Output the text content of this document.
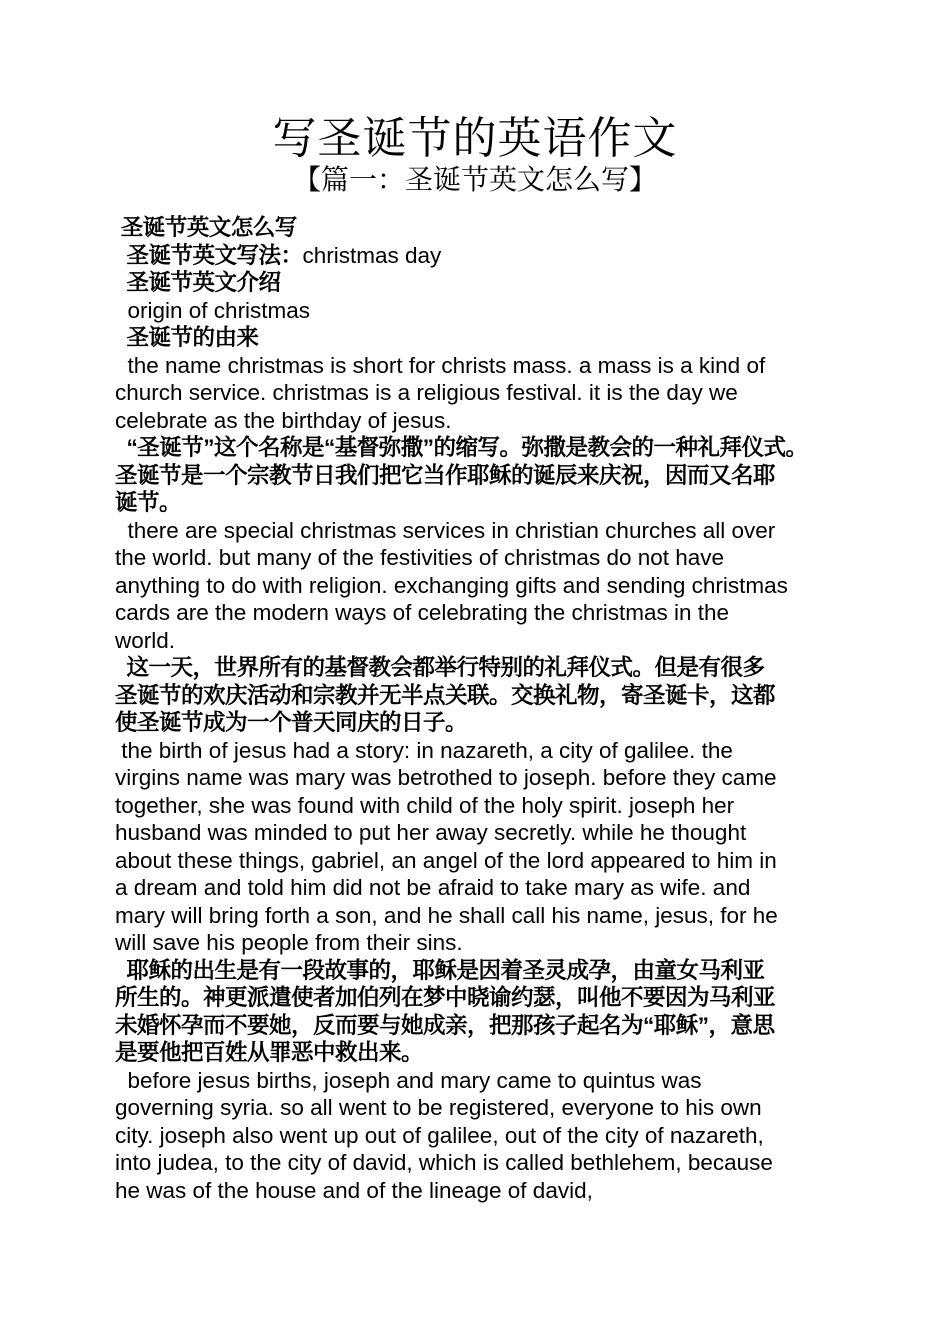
写圣诞节的英语作文
【篇一：圣诞节英文怎么写】

圣诞节英文怎么写

圣诞节英文写法：christmas day

圣诞节英文介绍

origin of christmas

圣诞节的由来

the name christmas is short for christs mass. a mass is a kind of

church service. christmas is a religious festival. it is the day we

celebrate as the birthday of jesus.

“圣诞节”这个名称是“基督弥撒”的缩写。弥撒是教会的一种礼拜仪式。

圣诞节是一个宗教节日我们把它当作耶稣的诞辰来庆祝，因而又名耶

诞节。

there are special christmas services in christian churches all over

the world. but many of the festivities of christmas do not have

anything to do with religion. exchanging gifts and sending christmas

cards are the modern ways of celebrating the christmas in the

world.

这一天，世界所有的基督教会都举行特别的礼拜仪式。但是有很多

圣诞节的欢庆活动和宗教并无半点关联。交换礼物，寄圣诞卡，这都

使圣诞节成为一个普天同庆的日子。

the birth of jesus had a story: in nazareth, a city of galilee. the

virgins name was mary was betrothed to joseph. before they came

together, she was found with child of the holy spirit. joseph her

husband was minded to put her away secretly. while he thought

about these things, gabriel, an angel of the lord appeared to him in

a dream and told him did not be afraid to take mary as wife. and

mary will bring forth a son, and he shall call his name, jesus, for he

will save his people from their sins.

耶稣的出生是有一段故事的，耶稣是因着圣灵成孕，由童女马利亚

所生的。神更派遣使者加伯列在梦中晓谕约瑟，叫他不要因为马利亚

未婚怀孕而不要她，反而要与她成亲，把那孩子起名为“耶稣”，意思

是要他把百姓从罪恶中救出来。

before jesus births, joseph and mary came to quintus was

governing syria. so all went to be registered, everyone to his own

city. joseph also went up out of galilee, out of the city of nazareth,

into judea, to the city of david, which is called bethlehem, because

he was of the house and of the lineage of david,
